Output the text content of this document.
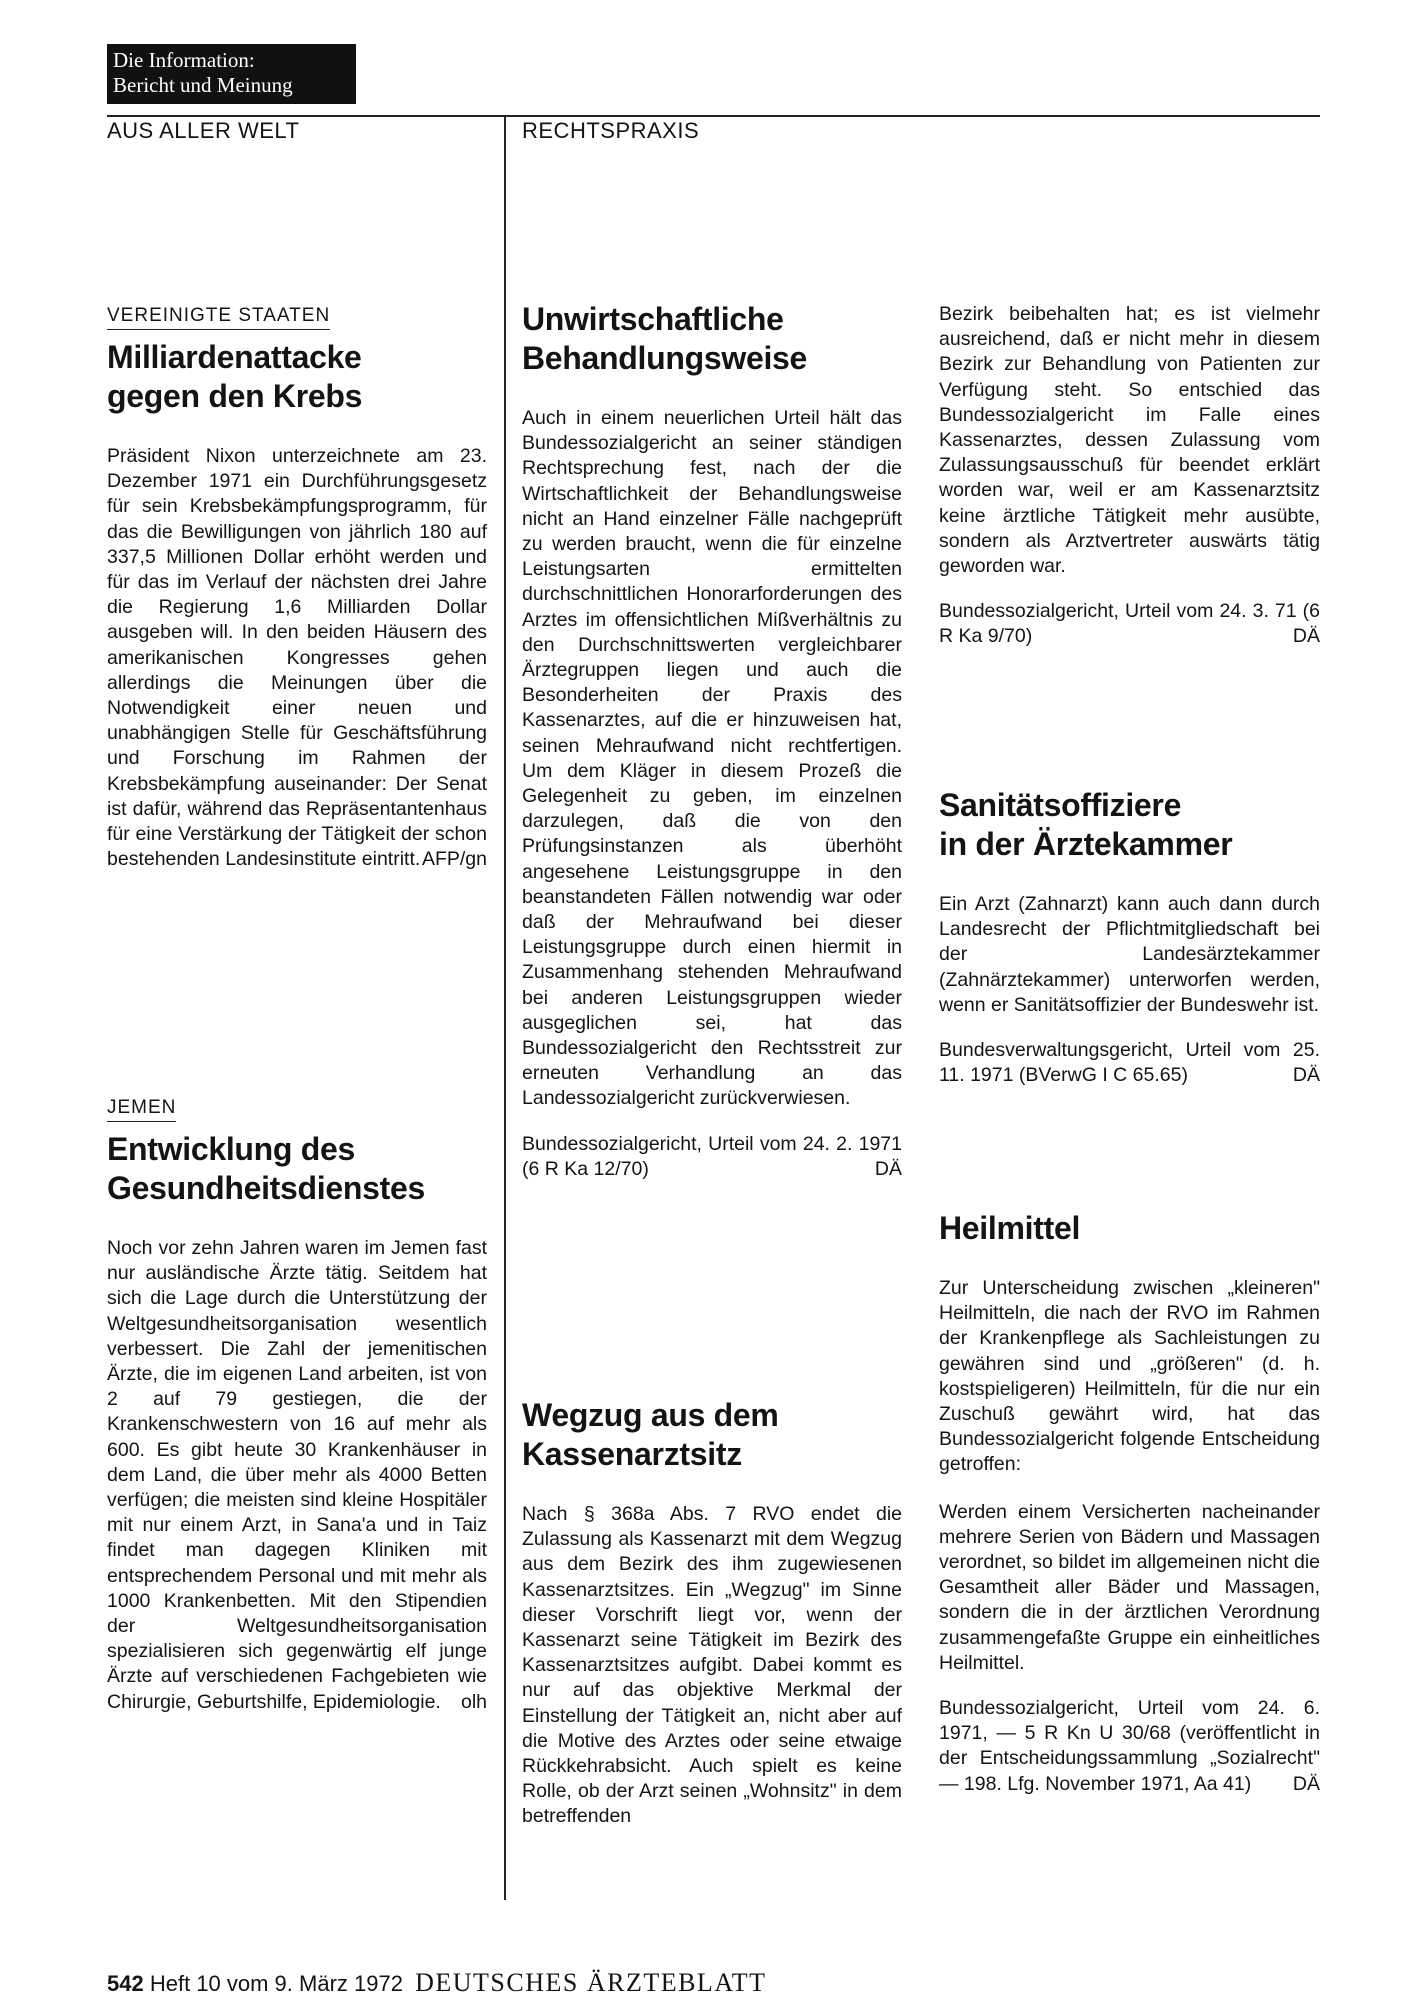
Die Information:
Bericht und Meinung
AUS ALLER WELT	RECHTSPRAXIS
VEREINIGTE STAATEN
Milliardenattacke
gegen den Krebs

Präsident Nixon unterzeichnete am 23. Dezember 1971 ein Durchführungsgesetz für sein Krebsbekämpfungsprogramm, für das die Bewilligungen von jährlich 180 auf 337,5 Millionen Dollar erhöht werden und für das im Verlauf der nächsten drei Jahre die Regierung 1,6 Milliarden Dollar ausgeben will. In den beiden Häusern des amerikanischen Kongresses gehen allerdings die Meinungen über die Notwendigkeit einer neuen und unabhängigen Stelle für Geschäftsführung und Forschung im Rahmen der Krebsbekämpfung auseinander: Der Senat ist dafür, während das Repräsentantenhaus für eine Verstärkung der Tätigkeit der schon bestehenden Landesinstitute eintritt. AFP/gn

JEMEN
Entwicklung des
Gesundheitsdienstes

Noch vor zehn Jahren waren im Jemen fast nur ausländische Ärzte tätig. Seitdem hat sich die Lage durch die Unterstützung der Weltgesundheitsorganisation wesentlich verbessert. Die Zahl der jemenitischen Ärzte, die im eigenen Land arbeiten, ist von 2 auf 79 gestiegen, die der Krankenschwestern von 16 auf mehr als 600. Es gibt heute 30 Krankenhäuser in dem Land, die über mehr als 4000 Betten verfügen; die meisten sind kleine Hospitäler mit nur einem Arzt, in Sana'a und in Taiz findet man dagegen Kliniken mit entsprechendem Personal und mit mehr als 1000 Krankenbetten. Mit den Stipendien der Weltgesundheitsorganisation spezialisieren sich gegenwärtig elf junge Ärzte auf verschiedenen Fachgebieten wie Chirurgie, Geburtshilfe, Epidemiologie. olh

Unwirtschaftliche
Behandlungsweise

Auch in einem neuerlichen Urteil hält das Bundessozialgericht an seiner ständigen Rechtsprechung fest, nach der die Wirtschaftlichkeit der Behandlungsweise nicht an Hand einzelner Fälle nachgeprüft zu werden braucht, wenn die für einzelne Leistungsarten ermittelten durchschnittlichen Honorarforderungen des Arztes im offensichtlichen Mißverhältnis zu den Durchschnittswerten vergleichbarer Ärztegruppen liegen und auch die Besonderheiten der Praxis des Kassenarztes, auf die er hinzuweisen hat, seinen Mehraufwand nicht rechtfertigen. Um dem Kläger in diesem Prozeß die Gelegenheit zu geben, im einzelnen darzulegen, daß die von den Prüfungsinstanzen als überhöht angesehene Leistungsgruppe in den beanstandeten Fällen notwendig war oder daß der Mehraufwand bei dieser Leistungsgruppe durch einen hiermit in Zusammenhang stehenden Mehraufwand bei anderen Leistungsgruppen wieder ausgeglichen sei, hat das Bundessozialgericht den Rechtsstreit zur erneuten Verhandlung an das Landessozialgericht zurückverwiesen.

Bundessozialgericht, Urteil vom 24. 2. 1971 (6 R Ka 12/70)	DÄ

Wegzug aus dem
Kassenarztsitz

Nach § 368a Abs. 7 RVO endet die Zulassung als Kassenarzt mit dem Wegzug aus dem Bezirk des ihm zugewiesenen Kassenarztsitzes. Ein „Wegzug" im Sinne dieser Vorschrift liegt vor, wenn der Kassenarzt seine Tätigkeit im Bezirk des Kassenarztsitzes aufgibt. Dabei kommt es nur auf das objektive Merkmal der Einstellung der Tätigkeit an, nicht aber auf die Motive des Arztes oder seine etwaige Rückkehrabsicht. Auch spielt es keine Rolle, ob der Arzt seinen „Wohnsitz" in dem betreffenden

Bezirk beibehalten hat; es ist vielmehr ausreichend, daß er nicht mehr in diesem Bezirk zur Behandlung von Patienten zur Verfügung steht. So entschied das Bundessozialgericht im Falle eines Kassenarztes, dessen Zulassung vom Zulassungsausschuß für beendet erklärt worden war, weil er am Kassenarztsitz keine ärztliche Tätigkeit mehr ausübte, sondern als Arztvertreter auswärts tätig geworden war.

Bundessozialgericht, Urteil vom 24. 3. 71 (6 R Ka 9/70)	DÄ

Sanitätsoffiziere
in der Ärztekammer

Ein Arzt (Zahnarzt) kann auch dann durch Landesrecht der Pflichtmitgliedschaft bei der Landesärztekammer (Zahnärztekammer) unterworfen werden, wenn er Sanitätsoffizier der Bundeswehr ist.

Bundesverwaltungsgericht, Urteil vom 25. 11. 1971 (BVerwG I C 65.65)	DÄ

Heilmittel

Zur Unterscheidung zwischen „kleineren" Heilmitteln, die nach der RVO im Rahmen der Krankenpflege als Sachleistungen zu gewähren sind und „größeren" (d. h. kostspieligeren) Heilmitteln, für die nur ein Zuschuß gewährt wird, hat das Bundessozialgericht folgende Entscheidung getroffen:

Werden einem Versicherten nacheinander mehrere Serien von Bädern und Massagen verordnet, so bildet im allgemeinen nicht die Gesamtheit aller Bäder und Massagen, sondern die in der ärztlichen Verordnung zusammengefaßte Gruppe ein einheitliches Heilmittel.

Bundessozialgericht, Urteil vom 24. 6. 1971, — 5 R Kn U 30/68 (veröffentlicht in der Entscheidungssammlung „Sozialrecht" — 198. Lfg. November 1971, Aa 41) DÄ

542 Heft 10 vom 9. März 1972 DEUTSCHES ÄRZTEBLATT
